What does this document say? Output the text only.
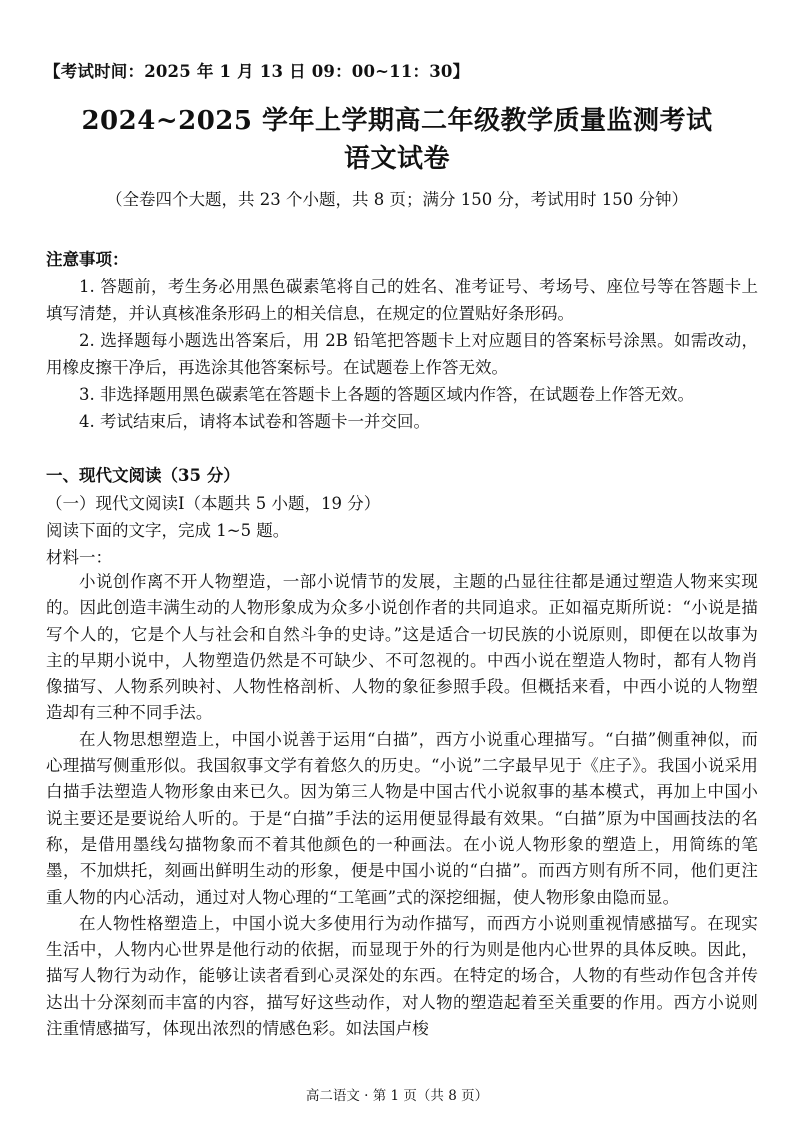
【考试时间：2025 年 1 月 13 日 09：00~11：30】
2024~2025 学年上学期高二年级教学质量监测考试
语文试卷
（全卷四个大题，共 23 个小题，共 8 页；满分 150 分，考试用时 150 分钟）
注意事项：

1. 答题前，考生务必用黑色碳素笔将自己的姓名、准考证号、考场号、座位号等在答题卡上填写清楚，并认真核准条形码上的相关信息，在规定的位置贴好条形码。

2. 选择题每小题选出答案后，用 2B 铅笔把答题卡上对应题目的答案标号涂黑。如需改动，用橡皮擦干净后，再选涂其他答案标号。在试题卷上作答无效。

3. 非选择题用黑色碳素笔在答题卡上各题的答题区域内作答，在试题卷上作答无效。

4. 考试结束后，请将本试卷和答题卡一并交回。

一、现代文阅读（35 分）
（一）现代文阅读Ⅰ（本题共 5 小题，19 分）
阅读下面的文字，完成 1~5 题。
材料一：

小说创作离不开人物塑造，一部小说情节的发展，主题的凸显往往都是通过塑造人物来实现的。因此创造丰满生动的人物形象成为众多小说创作者的共同追求。正如福克斯所说：“小说是描写个人的，它是个人与社会和自然斗争的史诗。”这是适合一切民族的小说原则，即便在以故事为主的早期小说中，人物塑造仍然是不可缺少、不可忽视的。中西小说在塑造人物时，都有人物肖像描写、人物系列映衬、人物性格剖析、人物的象征参照手段。但概括来看，中西小说的人物塑造却有三种不同手法。

在人物思想塑造上，中国小说善于运用“白描”，西方小说重心理描写。“白描”侧重神似，而心理描写侧重形似。我国叙事文学有着悠久的历史。“小说”二字最早见于《庄子》。我国小说采用白描手法塑造人物形象由来已久。因为第三人物是中国古代小说叙事的基本模式，再加上中国小说主要还是要说给人听的。于是“白描”手法的运用便显得最有效果。“白描”原为中国画技法的名称，是借用墨线勾描物象而不着其他颜色的一种画法。在小说人物形象的塑造上，用简练的笔墨，不加烘托，刻画出鲜明生动的形象，便是中国小说的“白描”。而西方则有所不同，他们更注重人物的内心活动，通过对人物心理的“工笔画”式的深挖细掘，使人物形象由隐而显。

在人物性格塑造上，中国小说大多使用行为动作描写，而西方小说则重视情感描写。在现实生活中，人物内心世界是他行动的依据，而显现于外的行为则是他内心世界的具体反映。因此，描写人物行为动作，能够让读者看到心灵深处的东西。在特定的场合，人物的有些动作包含并传达出十分深刻而丰富的内容，描写好这些动作，对人物的塑造起着至关重要的作用。西方小说则注重情感描写，体现出浓烈的情感色彩。如法国卢梭

高二语文 · 第 1 页（共 8 页）
